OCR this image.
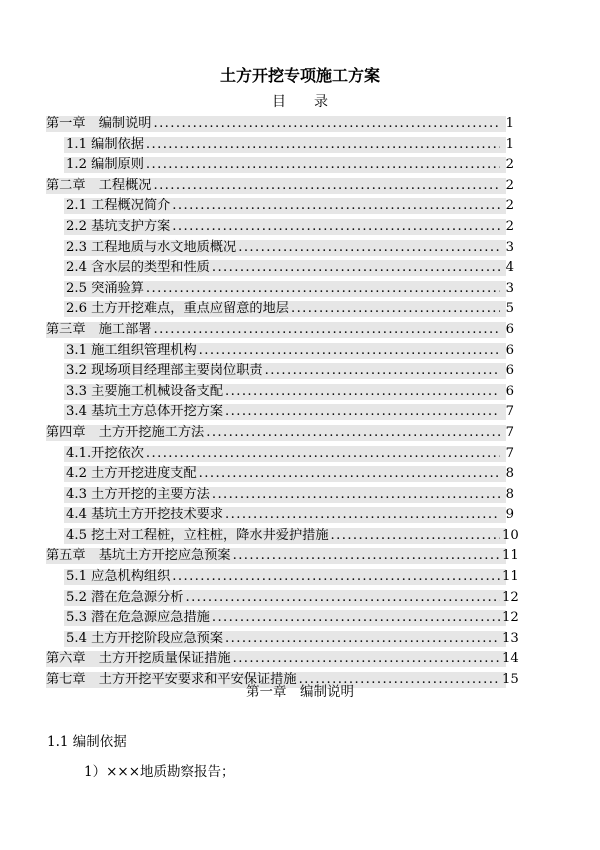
土方开挖专项施工方案
目录
第一章　编制说明 .....	1
1.1 编制依据 .....	1
1.2 编制原则 .....	2
第二章　工程概况 .....	2
2.1 工程概况简介 .....	2
2.2 基坑支护方案 .....	2
2.3 工程地质与水文地质概况 .....	3
2.4 含水层的类型和性质 .....	4
2.5 突涌验算 .....	3
2.6 土方开挖难点，重点应留意的地层 .....	5
第三章　施工部署 .....	6
3.1 施工组织管理机构 .....	6
3.2 现场项目经理部主要岗位职责 .....	6
3.3 主要施工机械设备支配 .....	6
3.4 基坑土方总体开挖方案 .....	7
第四章　土方开挖施工方法 .....	7
4.1.开挖依次 .....	7
4.2 土方开挖进度支配 .....	8
4.3 土方开挖的主要方法 .....	8
4.4 基坑土方开挖技术要求 .....	9
4.5 挖土对工程桩，立柱桩，降水井爱护措施 .....	10
第五章　基坑土方开挖应急预案 .....	11
5.1 应急机构组织 .....	11
5.2 潜在危急源分析 .....	12
5.3 潜在危急源应急措施 .....	12
5.4 土方开挖阶段应急预案 .....	13
第六章　土方开挖质量保证措施 .....	14
第七章　土方开挖平安要求和平安保证措施 .....	15
第一章　编制说明
1.1 编制依据
1）×××地质勘察报告；
